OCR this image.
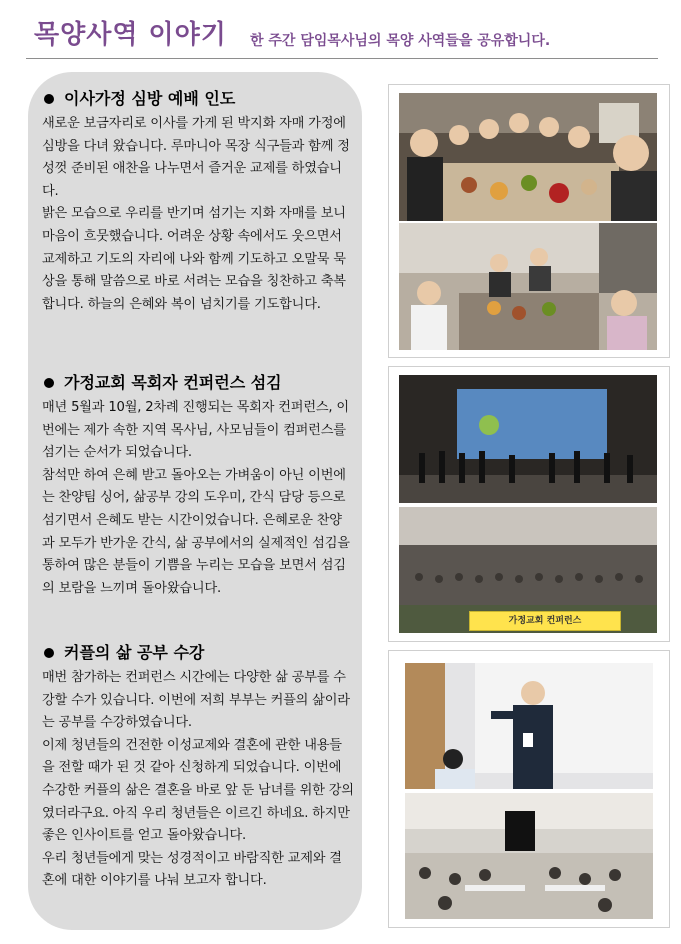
목양사역 이야기 한 주간 담임목사님의 목양 사역들을 공유합니다.
이사가정 심방 예배 인도

새로운 보금자리로 이사를 가게 된 박지화 자매 가정에 심방을 다녀 왔습니다. 루마니아 목장 식구들과 함께 정성껏 준비된 애찬을 나누면서 즐거운 교제를 하였습니다.

밝은 모습으로 우리를 반기며 섬기는 지화 자매를 보니 마음이 흐뭇했습니다. 어려운 상황 속에서도 웃으면서 교제하고 기도의 자리에 나와 함께 기도하고 오말묵 묵상을 통해 말씀으로 바로 서려는 모습을 칭찬하고 축복합니다. 하늘의 은혜와 복이 넘치기를 기도합니다.

가정교회 목회자 컨퍼런스 섬김

매년 5월과 10월, 2차례 진행되는 목회자 컨퍼런스, 이번에는 제가 속한 지역 목사님, 사모님들이 컴퍼런스를 섬기는 순서가 되었습니다.

참석만 하여 은혜 받고 돌아오는 가벼움이 아닌 이번에는 찬양팀 싱어, 삶공부 강의 도우미, 간식 담당 등으로 섬기면서 은혜도 받는 시간이었습니다. 은혜로운 찬양과 모두가 반가운 간식, 삶 공부에서의 실제적인 섬김을 통하여 많은 분들이 기쁨을 누리는 모습을 보면서 섬김의 보람을 느끼며 돌아왔습니다.

커플의 삶 공부 수강

매번 참가하는 컨퍼런스 시간에는 다양한 삶 공부를 수강할 수가 있습니다. 이번에 저희 부부는 커플의 삶이라는 공부를 수강하였습니다.

이제 청년들의 건전한 이성교제와 결혼에 관한 내용들을 전할 때가 된 것 같아 신청하게 되었습니다. 이번에 수강한 커플의 삶은 결혼을 바로 앞 둔 남녀를 위한 강의였더라구요. 아직 우리 청년들은 이르긴 하네요. 하지만 좋은 인사이트를 얻고 돌아왔습니다.

우리 청년들에게 맞는 성경적이고 바람직한 교제와 결혼에 대한 이야기를 나눠 보고자 합니다.

가정교회 컨퍼런스
